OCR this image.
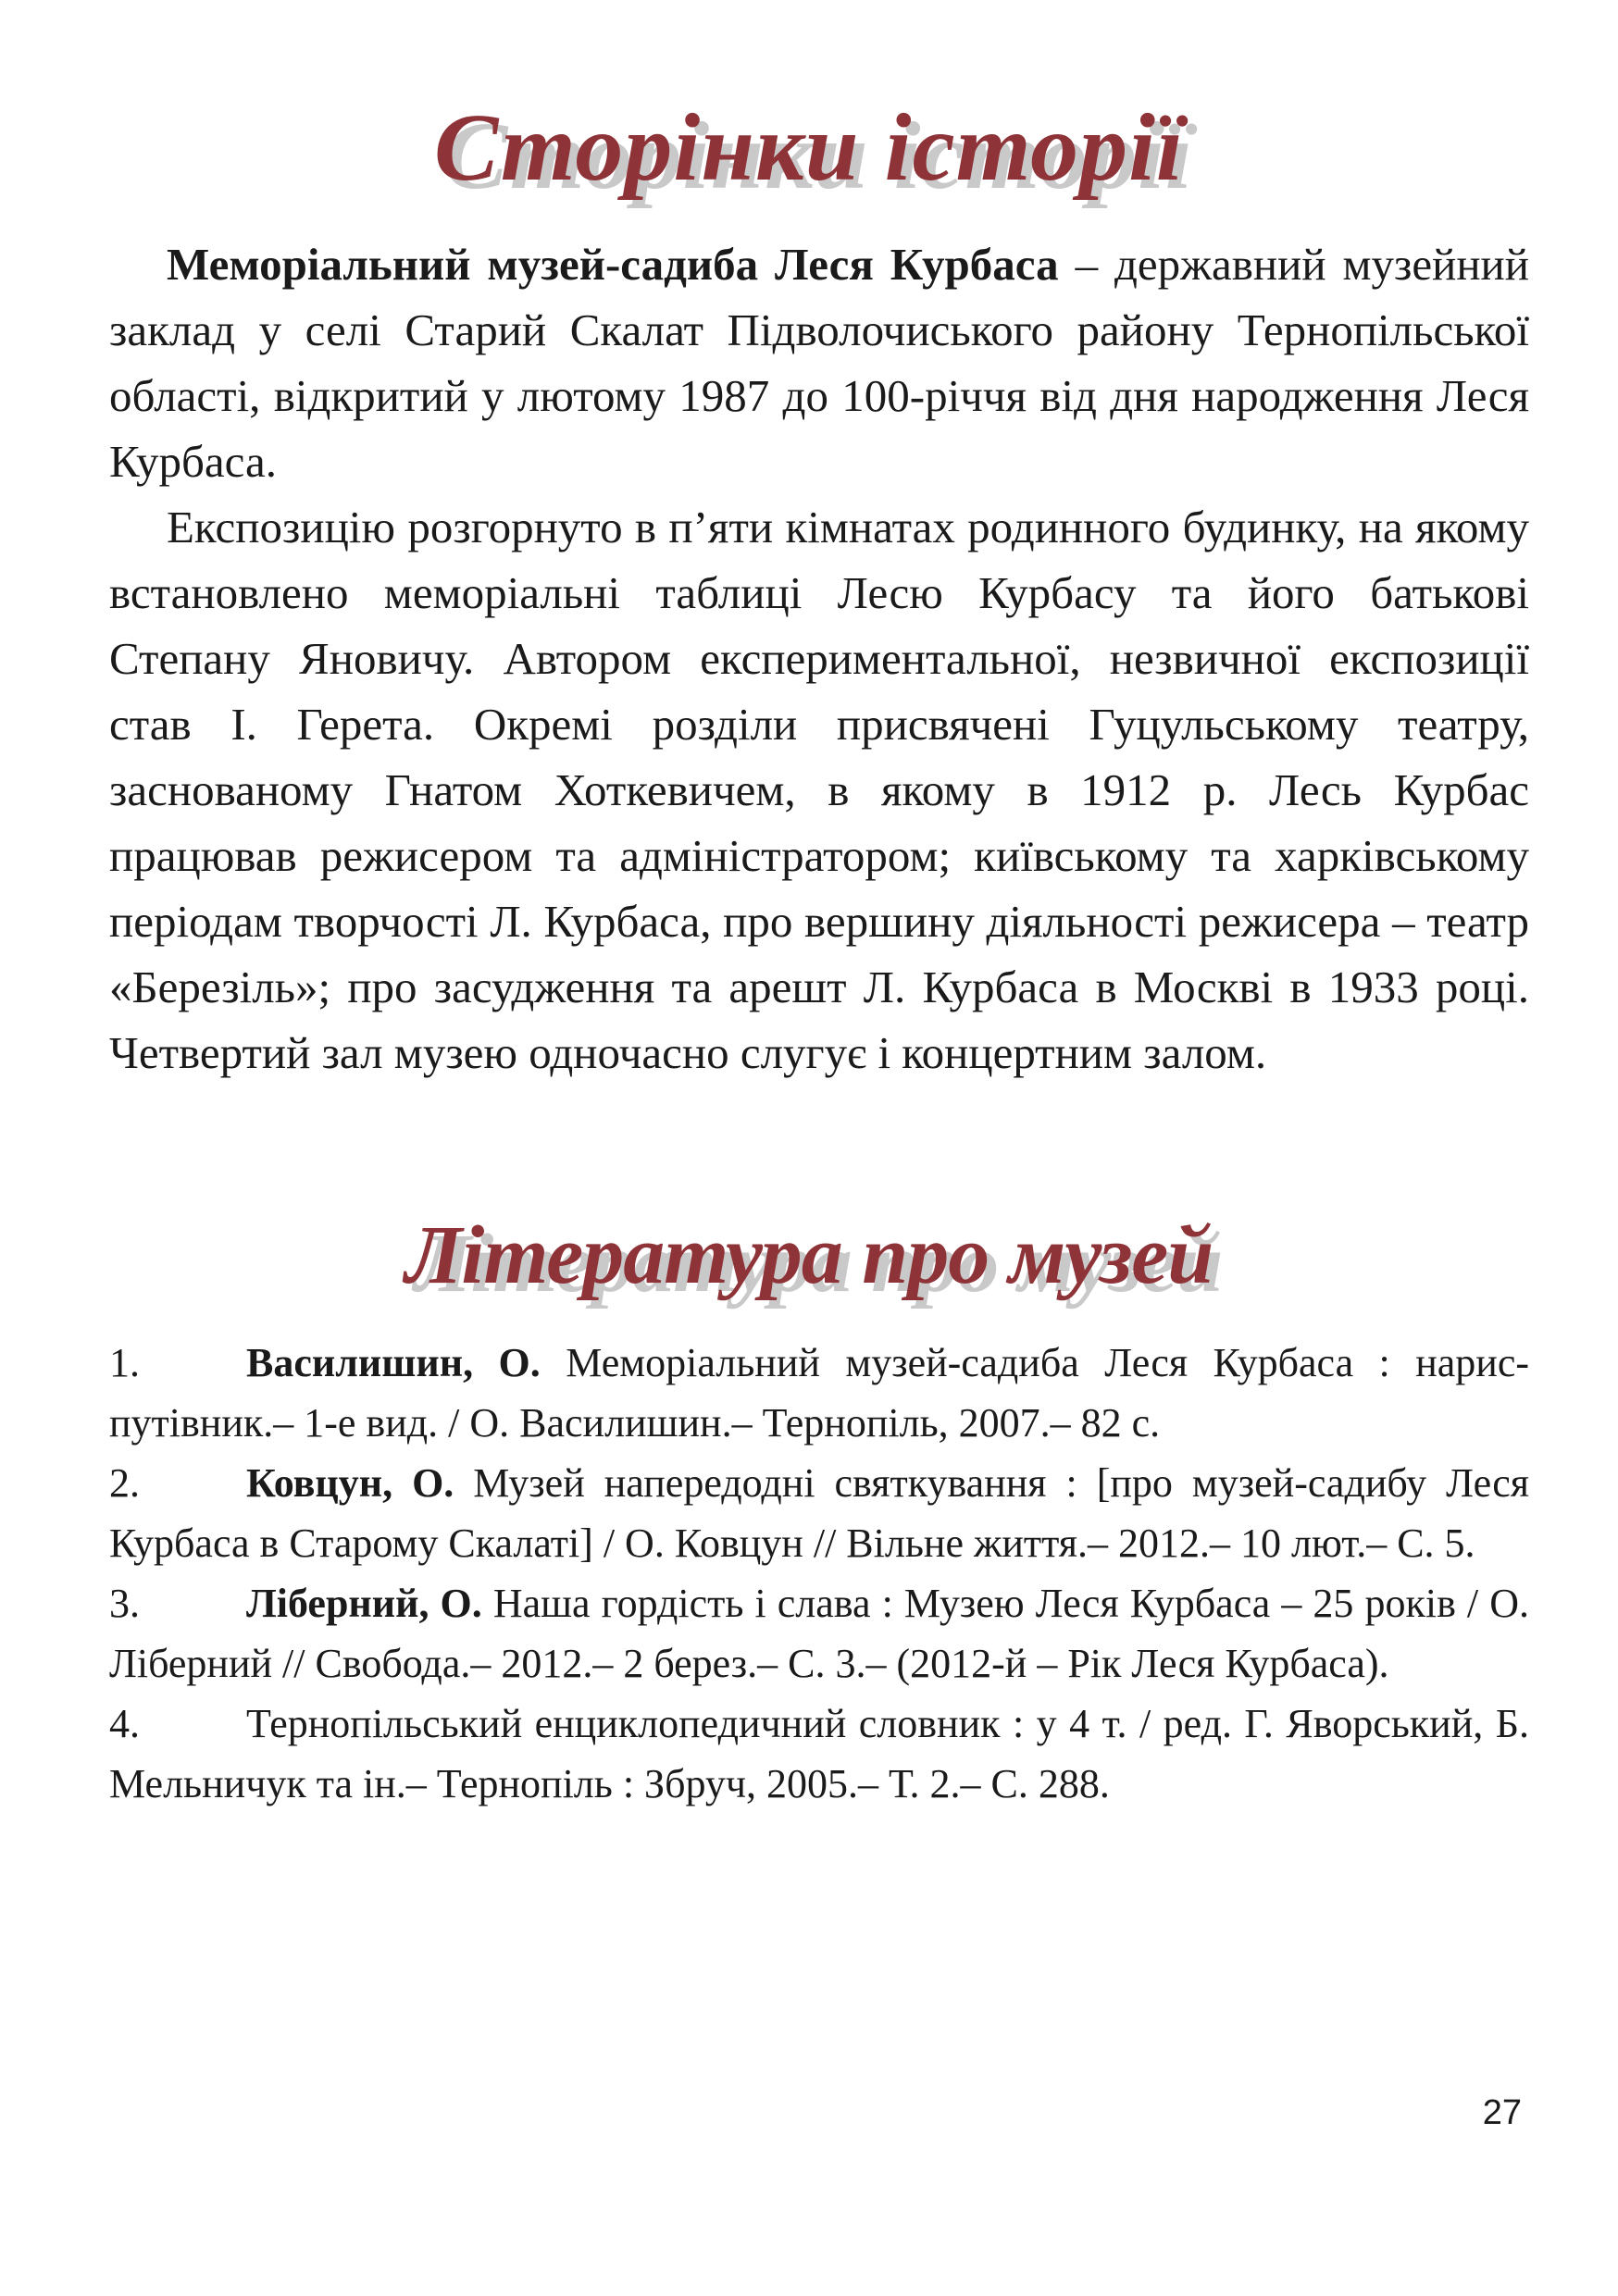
Сторінки історії

Меморіальний музей-садиба Леся Курбаса – державний музейний заклад у селі Старий Скалат Підволочиського району Тернопільської області, відкритий у лютому 1987 до 100-річчя від дня народження Леся Курбаса.

Експозицію розгорнуто в п’яти кімнатах родинного будинку, на якому встановлено меморіальні таблиці Лесю Курбасу та його батькові Степану Яновичу. Автором експериментальної, незвичної експозиції став І. Герета. Окремі розділи присвячені Гуцульському театру, заснованому Гнатом Хоткевичем, в якому в 1912 р. Лесь Курбас працював режисером та адміністратором; київському та харківському періодам творчості Л. Курбаса, про вершину діяльності режисера – театр «Березіль»; про засудження та арешт Л. Курбаса в Москві в 1933 році. Четвертий зал музею одночасно слугує і концертним залом.

Література про музей

1.	Василишин, О. Меморіальний музей-садиба Леся Курбаса : нарис-путівник.– 1-е вид. / О. Василишин.– Тернопіль, 2007.– 82 с.

2.	Ковцун, О. Музей напередодні святкування : [про музей-садибу Леся Курбаса в Старому Скалаті] / О. Ковцун // Вільне життя.– 2012.– 10 лют.– С. 5.

3.	Ліберний, О. Наша гордість і слава : Музею Леся Курбаса – 25 років / О. Ліберний // Свобода.– 2012.– 2 берез.– С. 3.– (2012-й – Рік Леся Курбаса).

4.	Тернопільський енциклопедичний словник : у 4 т. / ред. Г. Яворський, Б. Мельничук та ін.– Тернопіль : Збруч, 2005.– Т. 2.– С. 288.

27
